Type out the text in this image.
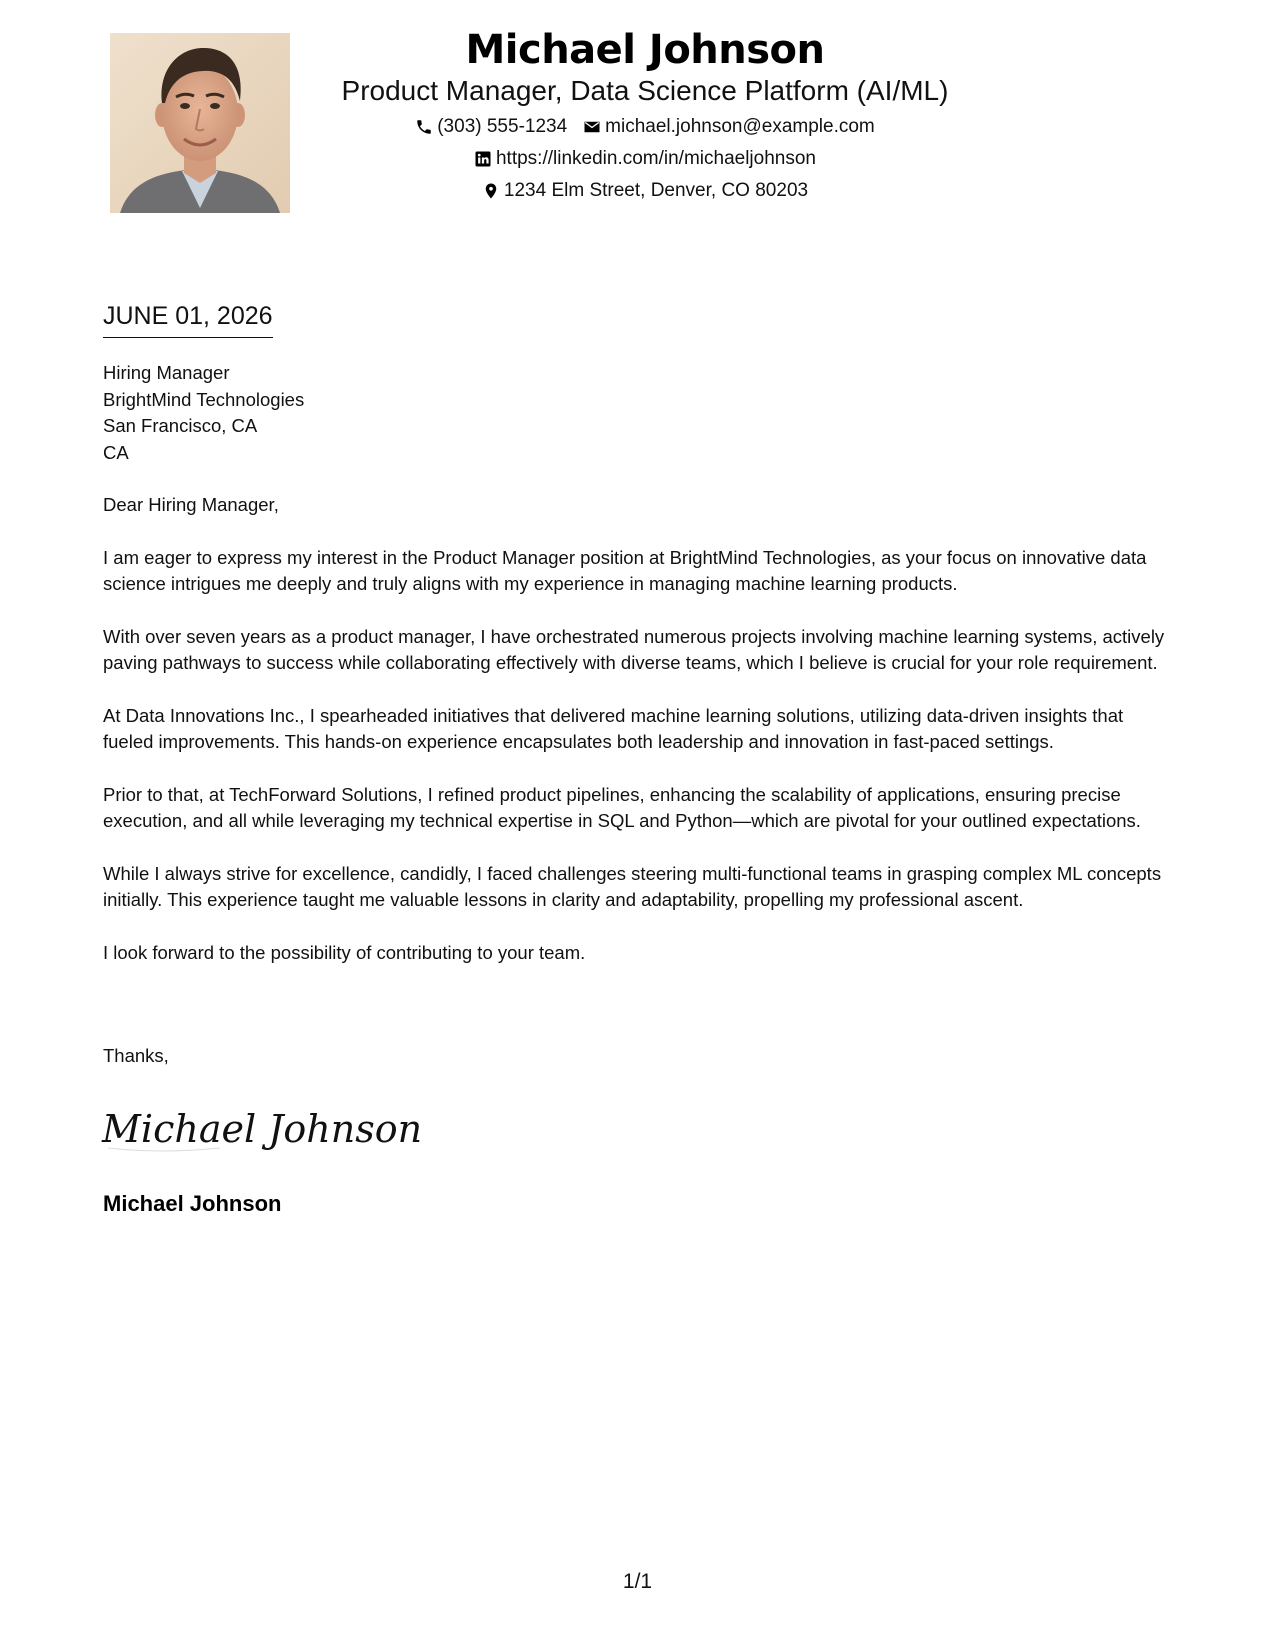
Michael Johnson
Product Manager, Data Science Platform (AI/ML)
(303) 555-1234 michael.johnson@example.com
https://linkedin.com/in/michaeljohnson
1234 Elm Street, Denver, CO 80203
JUNE 01, 2026
Hiring Manager
BrightMind Technologies
San Francisco, CA
CA

Dear Hiring Manager,

I am eager to express my interest in the Product Manager position at BrightMind Technologies, as your focus on innovative data science intrigues me deeply and truly aligns with my experience in managing machine learning products.

With over seven years as a product manager, I have orchestrated numerous projects involving machine learning systems, actively paving pathways to success while collaborating effectively with diverse teams, which I believe is crucial for your role requirement.

At Data Innovations Inc., I spearheaded initiatives that delivered machine learning solutions, utilizing data-driven insights that fueled improvements. This hands-on experience encapsulates both leadership and innovation in fast-paced settings.

Prior to that, at TechForward Solutions, I refined product pipelines, enhancing the scalability of applications, ensuring precise execution, and all while leveraging my technical expertise in SQL and Python—which are pivotal for your outlined expectations.

While I always strive for excellence, candidly, I faced challenges steering multi-functional teams in grasping complex ML concepts initially. This experience taught me valuable lessons in clarity and adaptability, propelling my professional ascent.

I look forward to the possibility of contributing to your team.

Thanks,
Michael Johnson
Michael Johnson
1/1
